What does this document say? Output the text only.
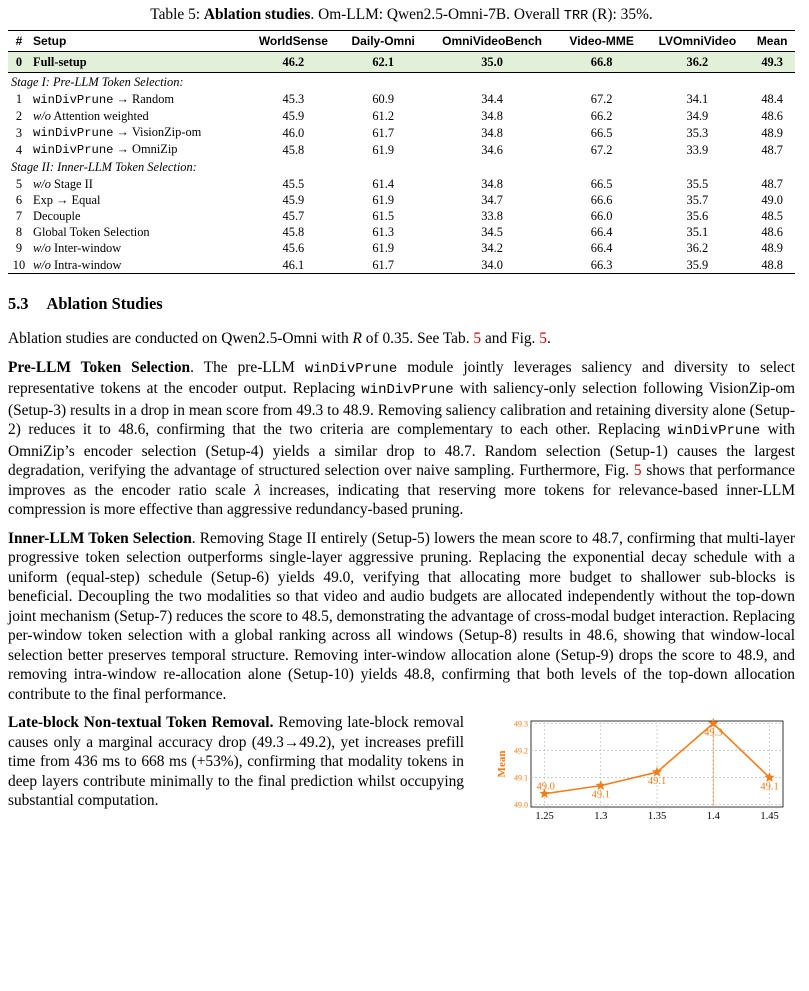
Table 5: Ablation studies. Om-LLM: Qwen2.5-Omni-7B. Overall TRR (R): 35%.
#	Setup	WorldSense	Daily-Omni	OmniVideoBench	Video-MME	LVOmniVideo	Mean
0	Full-setup	46.2	62.1	35.0	66.8	36.2	49.3
Stage I: Pre-LLM Token Selection:							
1	winDivPrune → Random	45.3	60.9	34.4	67.2	34.1	48.4
2	w/o Attention weighted	45.9	61.2	34.8	66.2	34.9	48.6
3	winDivPrune → VisionZip-om	46.0	61.7	34.8	66.5	35.3	48.9
4	winDivPrune → OmniZip	45.8	61.9	34.6	67.2	33.9	48.7
Stage II: Inner-LLM Token Selection:							
5	w/o Stage II	45.5	61.4	34.8	66.5	35.5	48.7
6	Exp → Equal	45.9	61.9	34.7	66.6	35.7	49.0
7	Decouple	45.7	61.5	33.8	66.0	35.6	48.5
8	Global Token Selection	45.8	61.3	34.5	66.4	35.1	48.6
9	w/o Inter-window	45.6	61.9	34.2	66.4	36.2	48.9
10	w/o Intra-window	46.1	61.7	34.0	66.3	35.9	48.8
5.3 Ablation Studies

Ablation studies are conducted on Qwen2.5-Omni with R of 0.35. See Tab. 5 and Fig. 5.

Pre-LLM Token Selection. The pre-LLM winDivPrune module jointly leverages saliency and diversity to select representative tokens at the encoder output. Replacing winDivPrune with saliency-only selection following VisionZip-om (Setup-3) results in a drop in mean score from 49.3 to 48.9. Removing saliency calibration and retaining diversity alone (Setup-2) reduces it to 48.6, confirming that the two criteria are complementary to each other. Replacing winDivPrune with OmniZip’s encoder selection (Setup-4) yields a similar drop to 48.7. Random selection (Setup-1) causes the largest degradation, verifying the advantage of structured selection over naive sampling. Furthermore, Fig. 5 shows that performance improves as the encoder ratio scale λ increases, indicating that reserving more tokens for relevance-based inner-LLM compression is more effective than aggressive redundancy-based pruning.

Inner-LLM Token Selection. Removing Stage II entirely (Setup-5) lowers the mean score to 48.7, confirming that multi-layer progressive token selection outperforms single-layer aggressive pruning. Replacing the exponential decay schedule with a uniform (equal-step) schedule (Setup-6) yields 49.0, verifying that allocating more budget to shallower sub-blocks is beneficial. Decoupling the two modalities so that video and audio budgets are allocated independently without the top-down joint mechanism (Setup-7) reduces the score to 48.5, demonstrating the advantage of cross-modal budget interaction. Replacing per-window token selection with a global ranking across all windows (Setup-8) results in 48.6, showing that window-local selection better preserves temporal structure. Removing inter-window allocation alone (Setup-9) drops the score to 48.9, and removing intra-window re-allocation alone (Setup-10) yields 48.8, confirming that both levels of the top-down allocation contribute to the final performance.

Late-block Non-textual Token Removal. Removing late-block removal causes only a marginal accuracy drop (49.3→49.2), yet increases prefill time from 436 ms to 668 ms (+53%), confirming that modality tokens in deep layers contribute minimally to the final prediction whilst occupying substantial computation.	49.0
49.1
49.2
49.3
1.25	1.3	1.35	1.4	1.45
Mean
49.0
49.1
49.1
49.3
49.1
